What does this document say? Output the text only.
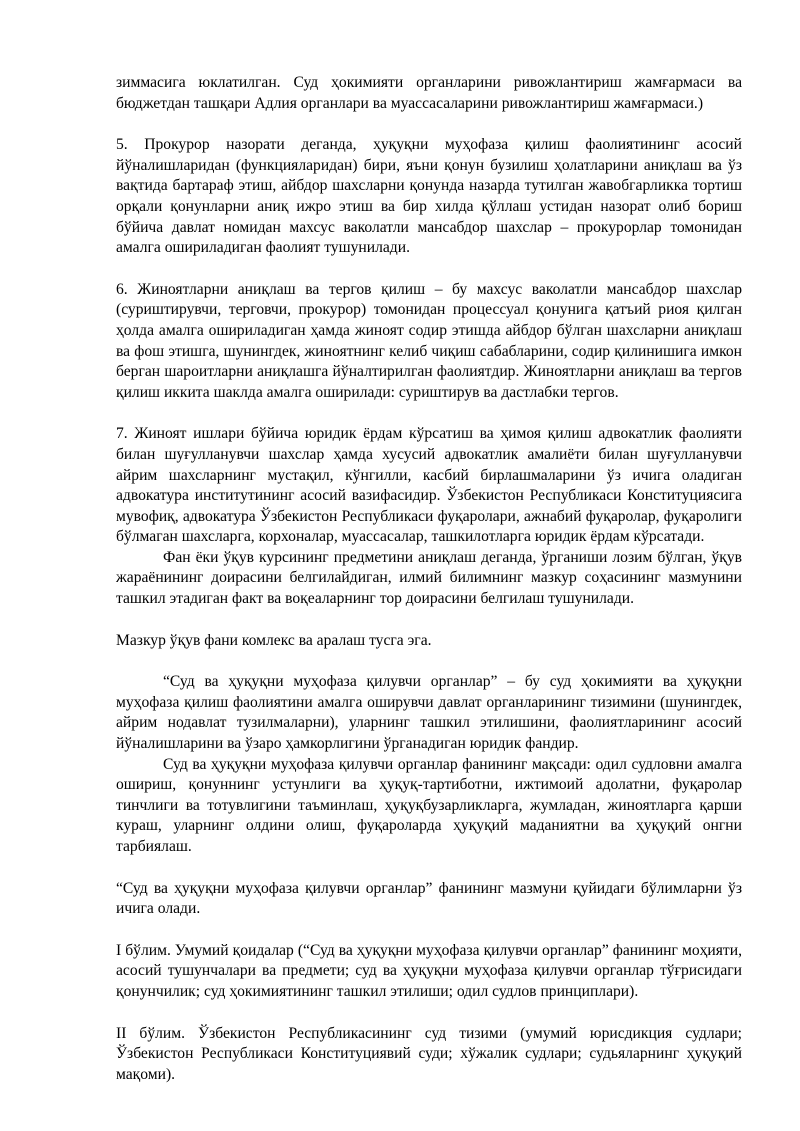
зиммасига юклатилган. Суд ҳокимияти органларини ривожлантириш жамғармаси ва бюджетдан ташқари Адлия органлари ва муассасаларини ривожлантириш жамғармаси.)

5. Прокурор назорати деганда, ҳуқуқни муҳофаза қилиш фаолиятининг асосий йўналишларидан (функцияларидан) бири, яъни қонун бузилиш ҳолатларини аниқлаш ва ўз вақтида бартараф этиш, айбдор шахсларни қонунда назарда тутилган жавобгарликка тортиш орқали қонунларни аниқ ижро этиш ва бир хилда қўллаш устидан назорат олиб бориш бўйича давлат номидан махсус ваколатли мансабдор шахслар – прокурорлар томонидан амалга ошириладиган фаолият тушунилади.

6. Жиноятларни аниқлаш ва тергов қилиш – бу махсус ваколатли мансабдор шахслар (суриштирувчи, терговчи, прокурор) томонидан процессуал қонунига қатъий риоя қилган ҳолда амалга ошириладиган ҳамда жиноят содир этишда айбдор бўлган шахсларни аниқлаш ва фош этишга, шунингдек, жиноятнинг келиб чиқиш сабабларини, содир қилинишига имкон берган шароитларни аниқлашга йўналтирилган фаолиятдир. Жиноятларни аниқлаш ва тергов қилиш иккита шаклда амалга оширилади: суриштирув ва дастлабки тергов.

7. Жиноят ишлари бўйича юридик ёрдам кўрсатиш ва ҳимоя қилиш адвокатлик фаолияти билан шуғулланувчи шахслар ҳамда хусусий адвокатлик амалиёти билан шуғулланувчи айрим шахсларнинг мустақил, кўнгилли, касбий бирлашмаларини ўз ичига оладиган адвокатура институтининг асосий вазифасидир. Ўзбекистон Республикаси Конституциясига мувофиқ, адвокатура Ўзбекистон Республикаси фуқаролари, ажнабий фуқаролар, фуқаролиги бўлмаган шахсларга, корхоналар, муассасалар, ташкилотларга юридик ёрдам кўрсатади.

Фан ёки ўқув курсининг предметини аниқлаш деганда, ўрганиши лозим бўлган, ўқув жараёнининг доирасини белгилайдиган, илмий билимнинг мазкур соҳасининг мазмунини ташкил этадиган факт ва воқеаларнинг тор доирасини белгилаш тушунилади.

Мазкур ўқув фани комлекс ва аралаш тусга эга.

“Суд ва ҳуқуқни муҳофаза қилувчи органлар” – бу суд ҳокимияти ва ҳуқуқни муҳофаза қилиш фаолиятини амалга оширувчи давлат органларининг тизимини (шунингдек, айрим нодавлат тузилмаларни), уларнинг ташкил этилишини, фаолиятларининг асосий йўналишларини ва ўзаро ҳамкорлигини ўрганадиган юридик фандир.

Суд ва ҳуқуқни муҳофаза қилувчи органлар фанининг мақсади: одил судловни амалга ошириш, қонуннинг устунлиги ва ҳуқуқ-тартиботни, ижтимоий адолатни, фуқаролар тинчлиги ва тотувлигини таъминлаш, ҳуқуқбузарликларга, жумладан, жиноятларга қарши кураш, уларнинг олдини олиш, фуқароларда ҳуқуқий маданиятни ва ҳуқуқий онгни тарбиялаш.

“Суд ва ҳуқуқни муҳофаза қилувчи органлар” фанининг мазмуни қуйидаги бўлимларни ўз ичига олади.

I бўлим. Умумий қоидалар (“Суд ва ҳуқуқни муҳофаза қилувчи органлар” фанининг моҳияти, асосий тушунчалари ва предмети; суд ва ҳуқуқни муҳофаза қилувчи органлар тўғрисидаги қонунчилик; суд ҳокимиятининг ташкил этилиши; одил судлов принциплари).

II бўлим. Ўзбекистон Республикасининг суд тизими (умумий юрисдикция судлари; Ўзбекистон Республикаси Конституциявий суди; хўжалик судлари; судьяларнинг ҳуқуқий мақоми).
